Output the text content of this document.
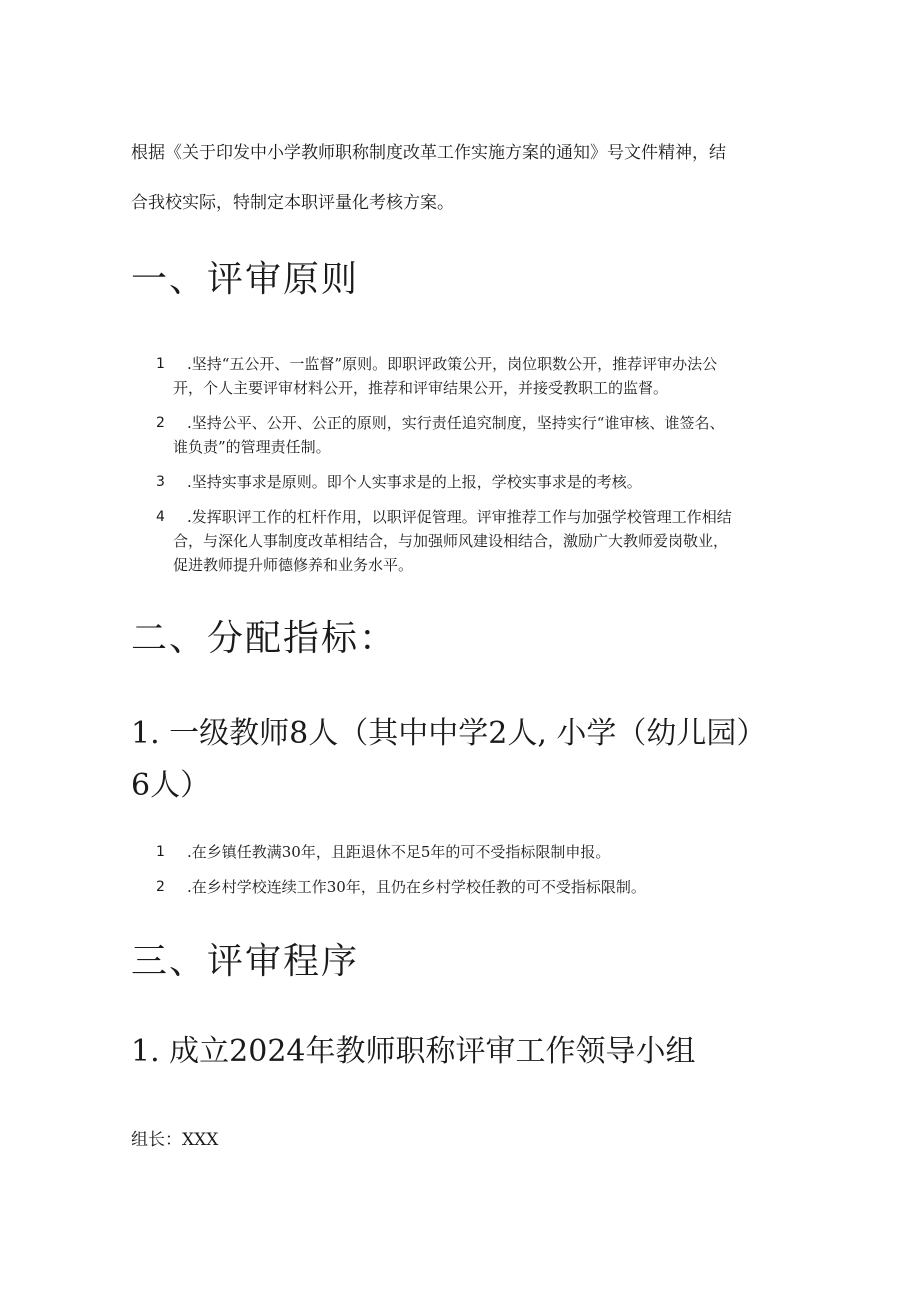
根据《关于印发中小学教师职称制度改革工作实施方案的通知》号文件精神，结
合我校实际，特制定本职评量化考核方案。

一、评审原则
1	.坚持“五公开、一监督”原则。即职评政策公开，岗位职数公开，推荐评审办法公
开，个人主要评审材料公开，推荐和评审结果公开，并接受教职工的监督。
2	.坚持公平、公开、公正的原则，实行责任追究制度，坚持实行“谁审核、谁签名、
谁负责”的管理责任制。
3	.坚持实事求是原则。即个人实事求是的上报，学校实事求是的考核。
4	.发挥职评工作的杠杆作用，以职评促管理。评审推荐工作与加强学校管理工作相结
合，与深化人事制度改革相结合，与加强师风建设相结合，激励广大教师爱岗敬业，
促进教师提升师德修养和业务水平。
二、分配指标：
1. 一级教师8人（其中中学2人, 小学（幼儿园）
6人）
1	.在乡镇任教满30年，且距退休不足5年的可不受指标限制申报。
2	.在乡村学校连续工作30年，且仍在乡村学校任教的可不受指标限制。
三、评审程序
1. 成立2024年教师职称评审工作领导小组

组长：XXX
